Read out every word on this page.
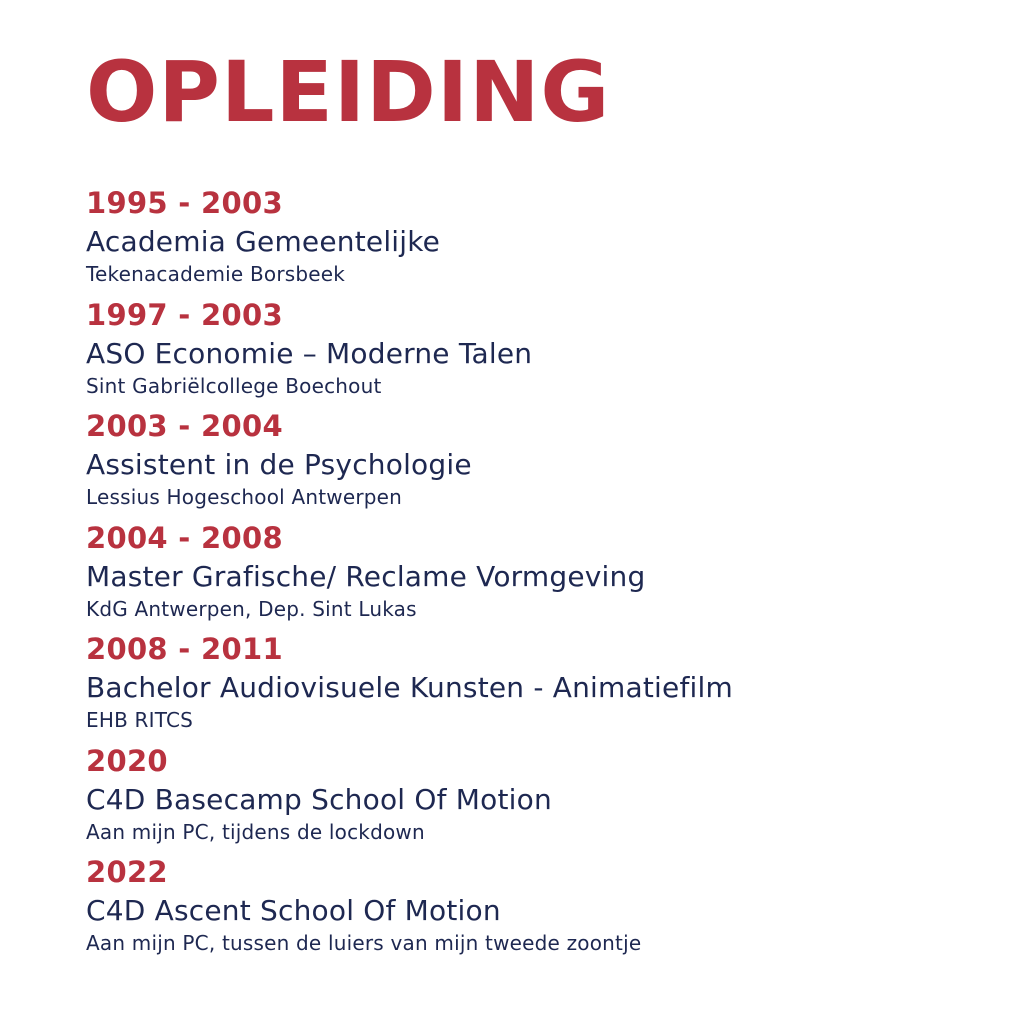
OPLEIDING
1995 - 2003
Academia Gemeentelijke
Tekenacademie Borsbeek
1997 - 2003
ASO Economie – Moderne Talen
Sint Gabriëlcollege Boechout
2003 - 2004
Assistent in de Psychologie
Lessius Hogeschool Antwerpen
2004 - 2008
Master Grafische/ Reclame Vormgeving
KdG Antwerpen, Dep. Sint Lukas
2008 - 2011
Bachelor Audiovisuele Kunsten - Animatiefilm
EHB RITCS
2020
C4D Basecamp School Of Motion
Aan mijn PC, tijdens de lockdown
2022
C4D Ascent School Of Motion
Aan mijn PC, tussen de luiers van mijn tweede zoontje
